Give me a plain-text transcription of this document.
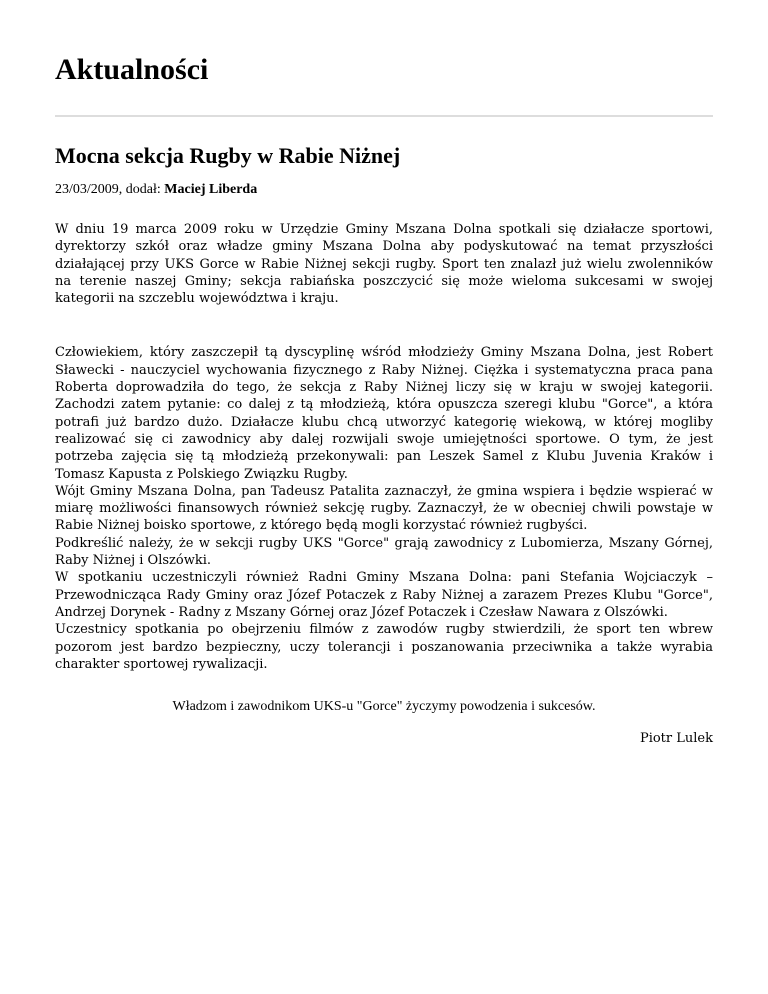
Aktualności
Mocna sekcja Rugby w Rabie Niżnej

23/03/2009, dodał: Maciej Liberda

W dniu 19 marca 2009 roku w Urzędzie Gminy Mszana Dolna spotkali się działacze sportowi, dyrektorzy szkół oraz władze gminy Mszana Dolna aby podyskutować na temat przyszłości działającej przy UKS Gorce w Rabie Niżnej sekcji rugby. Sport ten znalazł już wielu zwolenników na terenie naszej Gminy; sekcja rabiańska poszczycić się może wieloma sukcesami w swojej kategorii na szczeblu województwa i kraju.

Człowiekiem, który zaszczepił tą dyscyplinę wśród młodzieży Gminy Mszana Dolna, jest Robert Sławecki - nauczyciel wychowania fizycznego z Raby Niżnej. Ciężka i systematyczna praca pana Roberta doprowadziła do tego, że sekcja z Raby Niżnej liczy się w kraju w swojej kategorii. Zachodzi zatem pytanie: co dalej z tą młodzieżą, która opuszcza szeregi klubu "Gorce", a która potrafi już bardzo dużo. Działacze klubu chcą utworzyć kategorię wiekową, w której mogliby realizować się ci zawodnicy aby dalej rozwijali swoje umiejętności sportowe. O tym, że jest potrzeba zajęcia się tą młodzieżą przekonywali: pan Leszek Samel z Klubu Juvenia Kraków i Tomasz Kapusta z Polskiego Związku Rugby.

Wójt Gminy Mszana Dolna, pan Tadeusz Patalita zaznaczył, że gmina wspiera i będzie wspierać w miarę możliwości finansowych również sekcję rugby. Zaznaczył, że w obecniej chwili powstaje w Rabie Niżnej boisko sportowe, z którego będą mogli korzystać również rugbyści.

Podkreślić należy, że w sekcji rugby UKS "Gorce" grają zawodnicy z Lubomierza, Mszany Górnej, Raby Niżnej i Olszówki.

W spotkaniu uczestniczyli również Radni Gminy Mszana Dolna: pani Stefania Wojciaczyk – Przewodnicząca Rady Gminy oraz Józef Potaczek z Raby Niżnej a zarazem Prezes Klubu "Gorce", Andrzej Dorynek - Radny z Mszany Górnej oraz Józef Potaczek i Czesław Nawara z Olszówki.

Uczestnicy spotkania po obejrzeniu filmów z zawodów rugby stwierdzili, że sport ten wbrew pozorom jest bardzo bezpieczny, uczy tolerancji i poszanowania przeciwnika a także wyrabia charakter sportowej rywalizacji.

Władzom i zawodnikom UKS-u "Gorce" życzymy powodzenia i sukcesów.

Piotr Lulek
